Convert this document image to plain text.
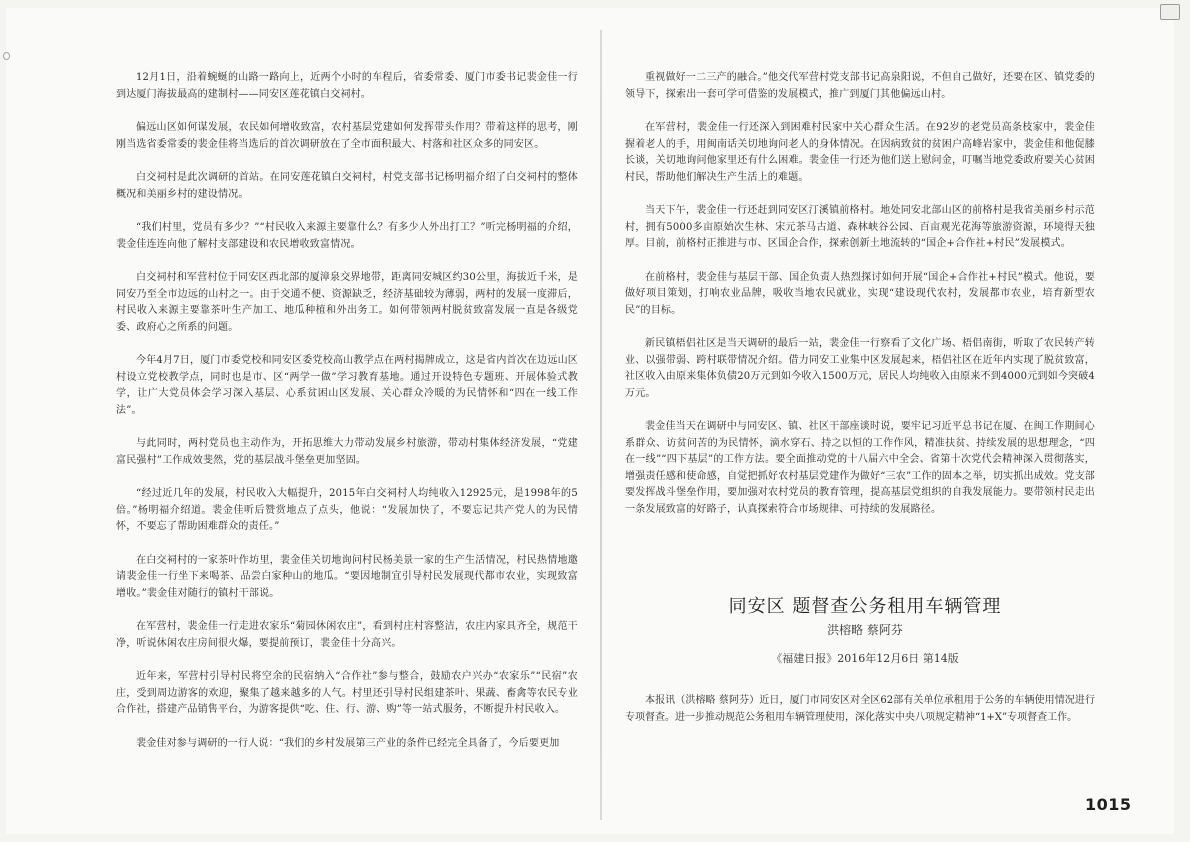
12月1日，沿着蜿蜒的山路一路向上，近两个小时的车程后，省委常委、厦门市委书记裴金佳一行到达厦门海拔最高的建制村——同安区莲花镇白交祠村。

偏远山区如何谋发展，农民如何增收致富，农村基层党建如何发挥带头作用？带着这样的思考，刚刚当选省委常委的裴金佳将当选后的首次调研放在了全市面积最大、村落和社区众多的同安区。

白交祠村是此次调研的首站。在同安莲花镇白交祠村，村党支部书记杨明福介绍了白交祠村的整体概况和美丽乡村的建设情况。

“我们村里，党员有多少？”“村民收入来源主要靠什么？有多少人外出打工？”听完杨明福的介绍，裴金佳连连向他了解村支部建设和农民增收致富情况。

白交祠村和军营村位于同安区西北部的厦漳泉交界地带，距离同安城区约30公里，海拔近千米，是同安乃至全市边远的山村之一。由于交通不便、资源缺乏，经济基础较为薄弱，两村的发展一度滞后，村民收入来源主要靠茶叶生产加工、地瓜种植和外出务工。如何带领两村脱贫致富发展一直是各级党委、政府心之所系的问题。

今年4月7日，厦门市委党校和同安区委党校高山教学点在两村揭牌成立，这是省内首次在边远山区村设立党校教学点，同时也是市、区“两学一做”学习教育基地。通过开设特色专题班、开展体验式教学，让广大党员体会学习深入基层、心系贫困山区发展、关心群众冷暖的为民情怀和“四在一线工作法”。

与此同时，两村党员也主动作为，开拓思维大力带动发展乡村旅游，带动村集体经济发展，“党建富民强村”工作成效斐然，党的基层战斗堡垒更加坚固。

“经过近几年的发展，村民收入大幅提升，2015年白交祠村人均纯收入12925元，是1998年的5倍。”杨明福介绍道。裴金佳听后赞赏地点了点头，他说：“发展加快了，不要忘记共产党人的为民情怀，不要忘了帮助困难群众的责任。”

在白交祠村的一家茶叶作坊里，裴金佳关切地询问村民杨美景一家的生产生活情况，村民热情地邀请裴金佳一行坐下来喝茶、品尝白家种山的地瓜。“要因地制宜引导村民发展现代都市农业，实现致富增收。”裴金佳对随行的镇村干部说。

在军营村，裴金佳一行走进农家乐“菊园休闲农庄”，看到村庄村容整洁，农庄内家具齐全，规范干净，听说休闲农庄房间很火爆，要提前预订，裴金佳十分高兴。

近年来，军营村引导村民将空余的民宿纳入“合作社”参与整合，鼓励农户兴办“农家乐”“民宿”农庄，受到周边游客的欢迎，聚集了越来越多的人气。村里还引导村民组建茶叶、果蔬、畜禽等农民专业合作社，搭建产品销售平台，为游客提供“吃、住、行、游、购”等一站式服务，不断提升村民收入。

裴金佳对参与调研的一行人说：“我们的乡村发展第三产业的条件已经完全具备了，今后要更加

重视做好一二三产的融合。”他交代军营村党支部书记高泉阳说，不但自己做好，还要在区、镇党委的领导下，探索出一套可学可借鉴的发展模式，推广到厦门其他偏远山村。

在军营村，裴金佳一行还深入到困难村民家中关心群众生活。在92岁的老党员高条枝家中，裴金佳握着老人的手，用闽南话关切地询问老人的身体情况。在因病致贫的贫困户高峰岩家中，裴金佳和他促膝长谈，关切地询问他家里还有什么困难。裴金佳一行还为他们送上慰问金，叮嘱当地党委政府要关心贫困村民，帮助他们解决生产生活上的难题。

当天下午，裴金佳一行还赶到同安区汀溪镇前格村。地处同安北部山区的前格村是我省美丽乡村示范村，拥有5000多亩原始次生林、宋元茶马古道、森林峡谷公园、百亩观光花海等旅游资源，环境得天独厚。目前，前格村正推进与市、区国企合作，探索创新土地流转的“国企+合作社+村民”发展模式。

在前格村，裴金佳与基层干部、国企负责人热烈探讨如何开展“国企+合作社+村民”模式。他说，要做好项目策划，打响农业品牌，吸收当地农民就业，实现“建设现代农村，发展都市农业，培育新型农民”的目标。

新民镇梧侣社区是当天调研的最后一站，裴金佳一行察看了文化广场、梧侣南街，听取了农民转产转业、以强带弱、跨村联带情况介绍。借力同安工业集中区发展起来，梧侣社区在近年内实现了脱贫致富，社区收入由原来集体负债20万元到如今收入1500万元，居民人均纯收入由原来不到4000元到如今突破4万元。

裴金佳当天在调研中与同安区、镇、社区干部座谈时说，要牢记习近平总书记在厦、在闽工作期间心系群众、访贫问苦的为民情怀，滴水穿石、持之以恒的工作作风，精准扶贫、持续发展的思想理念，“四在一线”“四下基层”的工作方法。要全面推动党的十八届六中全会、省第十次党代会精神深入贯彻落实，增强责任感和使命感，自觉把抓好农村基层党建作为做好“三农”工作的固本之举，切实抓出成效。党支部要发挥战斗堡垒作用，要加强对农村党员的教育管理，提高基层党组织的自我发展能力。要带领村民走出一条发展致富的好路子，认真探索符合市场规律、可持续的发展路径。

同安区 题督查公务租用车辆管理
洪榕略 蔡阿芬
《福建日报》2016年12月6日 第14版

本报讯（洪榕略 蔡阿芬）近日，厦门市同安区对全区62部有关单位承租用于公务的车辆使用情况进行专项督查。进一步推动规范公务租用车辆管理使用，深化落实中央八项规定精神“1+X”专项督查工作。

1015
